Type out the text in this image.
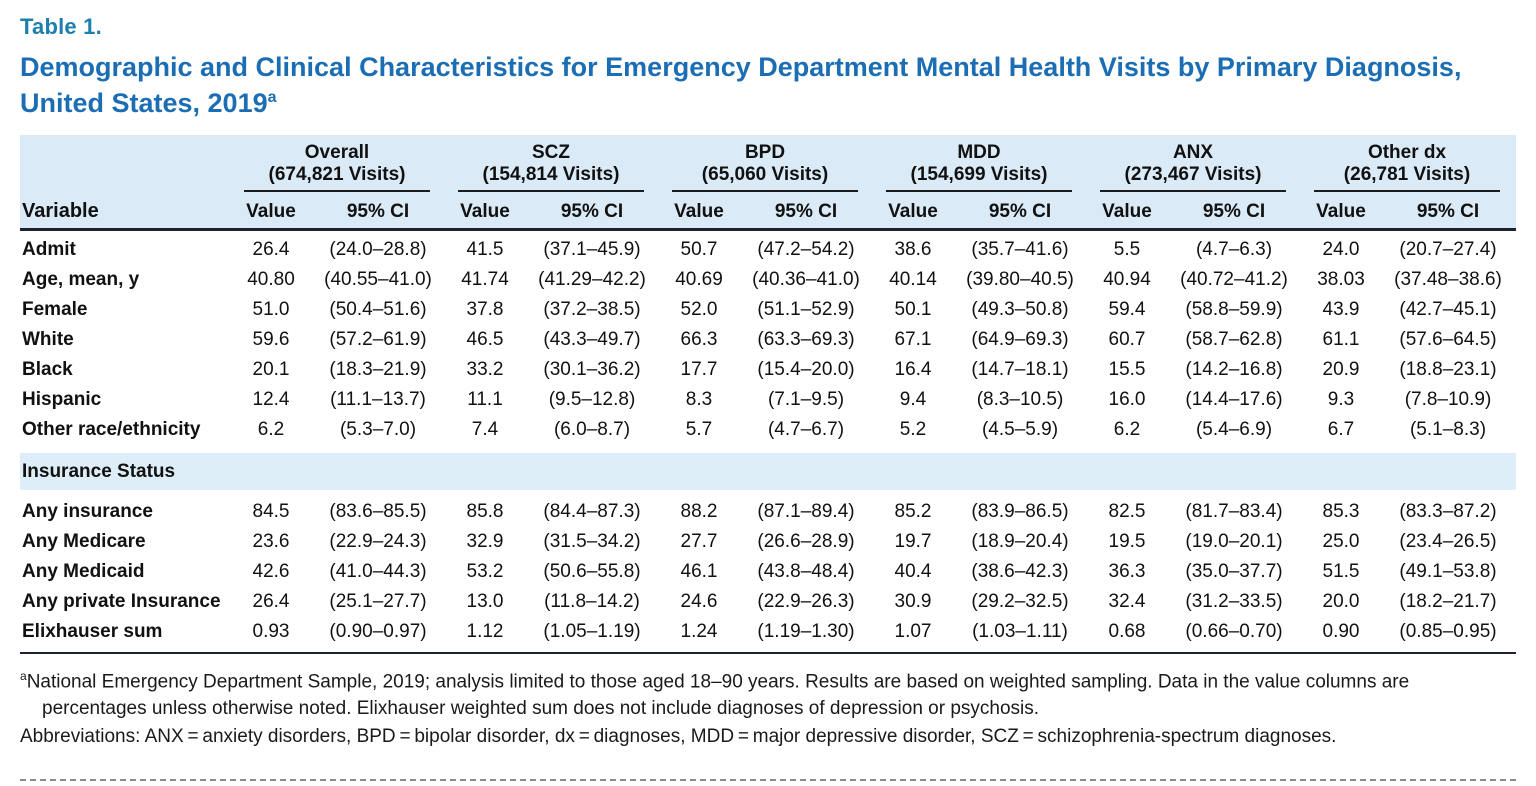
Table 1.
Demographic and Clinical Characteristics for Emergency Department Mental Health Visits by Primary Diagnosis, United States, 2019$^a$
Overall
(674,821 Visits)
SCZ
(154,814 Visits)
BPD
(65,060 Visits)
MDD
(154,699 Visits)
ANX
(273,467 Visits)
Other dx
(26,781 Visits)
Variable	Value	95% CI	Value	95% CI	Value	95% CI	Value	95% CI	Value	95% CI	Value	95% CI
Admit	26.4	(24.0–28.8)	41.5	(37.1–45.9)	50.7	(47.2–54.2)	38.6	(35.7–41.6)	5.5	(4.7–6.3)	24.0	(20.7–27.4)
Age, mean, y	40.80	(40.55–41.0)	41.74	(41.29–42.2)	40.69	(40.36–41.0)	40.14	(39.80–40.5)	40.94	(40.72–41.2)	38.03	(37.48–38.6)
Female	51.0	(50.4–51.6)	37.8	(37.2–38.5)	52.0	(51.1–52.9)	50.1	(49.3–50.8)	59.4	(58.8–59.9)	43.9	(42.7–45.1)
White	59.6	(57.2–61.9)	46.5	(43.3–49.7)	66.3	(63.3–69.3)	67.1	(64.9–69.3)	60.7	(58.7–62.8)	61.1	(57.6–64.5)
Black	20.1	(18.3–21.9)	33.2	(30.1–36.2)	17.7	(15.4–20.0)	16.4	(14.7–18.1)	15.5	(14.2–16.8)	20.9	(18.8–23.1)
Hispanic	12.4	(11.1–13.7)	11.1	(9.5–12.8)	8.3	(7.1–9.5)	9.4	(8.3–10.5)	16.0	(14.4–17.6)	9.3	(7.8–10.9)
Other race/ethnicity	6.2	(5.3–7.0)	7.4	(6.0–8.7)	5.7	(4.7–6.7)	5.2	(4.5–5.9)	6.2	(5.4–6.9)	6.7	(5.1–8.3)
Insurance Status
Any insurance	84.5	(83.6–85.5)	85.8	(84.4–87.3)	88.2	(87.1–89.4)	85.2	(83.9–86.5)	82.5	(81.7–83.4)	85.3	(83.3–87.2)
Any Medicare	23.6	(22.9–24.3)	32.9	(31.5–34.2)	27.7	(26.6–28.9)	19.7	(18.9–20.4)	19.5	(19.0–20.1)	25.0	(23.4–26.5)
Any Medicaid	42.6	(41.0–44.3)	53.2	(50.6–55.8)	46.1	(43.8–48.4)	40.4	(38.6–42.3)	36.3	(35.0–37.7)	51.5	(49.1–53.8)
Any private Insurance	26.4	(25.1–27.7)	13.0	(11.8–14.2)	24.6	(22.9–26.3)	30.9	(29.2–32.5)	32.4	(31.2–33.5)	20.0	(18.2–21.7)
Elixhauser sum	0.93	(0.90–0.97)	1.12	(1.05–1.19)	1.24	(1.19–1.30)	1.07	(1.03–1.11)	0.68	(0.66–0.70)	0.90	(0.85–0.95)

$^a$National Emergency Department Sample, 2019; analysis limited to those aged 18–90 years. Results are based on weighted sampling. Data in the value columns are percentages unless otherwise noted. Elixhauser weighted sum does not include diagnoses of depression or psychosis.

Abbreviations: ANX = anxiety disorders, BPD = bipolar disorder, dx = diagnoses, MDD = major depressive disorder, SCZ = schizophrenia-spectrum diagnoses.
